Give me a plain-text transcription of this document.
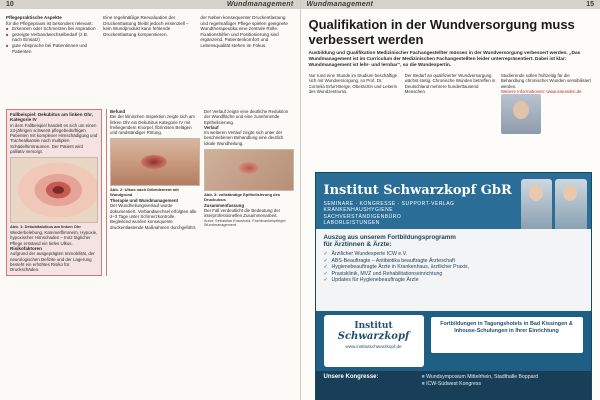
10	Wundmanagement
Pflegepraktische Aspekte
für die Pflegepraxis ist besonders relevant:
■ Erkennen oder Schmerzen bei Aspiration
■ gezeigte Verbandwechselbedarf (z.B. nach Einsatz)
■ gute Absprache bei Patientinnen und Patienten
Eine regelmäßige Reevaluation der Druckentlastung bleibt jedoch essenziell – kein Wundprodukt kann fehlende Druckentlastung kompensieren.
der Neben konsequenter Druckentlastung und regelmäßiger Pflege spielen geeignete Wundtherapeutika eine zentrale Rolle. Fixationshilfen und Positionierung sind ergänzend. Patientenkomfort und Lebensqualität stehen im Fokus.
Fallbeispiel: Dekubitus am linken Ohr, Kategorie IV
In dem Fallbeispiel handelt es sich um einen 23-jährigen schwerst pflegebedürftigen Patienten mit komplexer Hirnschädigung und Trachealkanüle nach multiplen Schädelhirntraumen. Der Patient wird palliativ versorgt.
Abb. 1: Dekubitalulkus am linken Ohr
Wiederbelebung, Kammerflimmern, Hypoxie, hypoxischer Hirnschaden – trotz täglicher Pflege entstand ein tiefes Ulkus.
Risikofaktoren
Aufgrund der ausgeprägten Immobilität, der neurologischen Defizite und der Lagerung besteht ein erhöhtes Risiko für Druckschäden.
Befund
Bei der klinischen Inspektion zeigte sich am linken Ohr ein Dekubitus Kategorie IV mit freiliegendem Knorpel, fibrinösen Belägen und randständiger Rötung.
Abb. 2: Ulkus nach Débridement mit Wundgrund
Therapie und Wundmanagement
Der Wundheilungsverlauf wurde dokumentiert. Verbandwechsel erfolgten alle 2–3 Tage unter Schmerzkontrolle.
Begleitend wurden konsequente druckentlastende Maßnahmen durchgeführt.
Der Verlauf zeigte eine deutliche Reduktion der Wundfläche und eine zunehmende Epithelisierung.
Verlauf
Im weiteren Verlauf zeigte sich unter der beschriebenen Behandlung eine deutlich lokale Wundheilung.
Abb. 3: vollständige Epithelisierung des Druckulcus
Zusammenfassung
Der Fall verdeutlicht die Bedeutung der interprofessionellen Zusammenarbeit.
Autor: Sebastian Kraushold, Fachkrankenpfleger Wundmanagement
Wundmanagement	15
Qualifikation in der Wundversorgung muss verbessert werden
Ausbildung und Qualifikation Medizinischer Fachangestellter müssen in der Wundversorgung verbessert werden. „Das Wundmanagement ist im Curriculum der Medizinischen Fachangestellten leider unterrepräsentiert. Dabei ist klar: Wundmanagement ist lehr- und lernbar“, so die Wundexpertin.
Nur rund eine Stunde im Studium beschäftige sich mit Wundversorgung, so Prof. Dr. Cornelia Erfurt-Berge, Oberärztin und Leiterin des Wundzentrums.
Der Bedarf an qualifizierter Wundversorgung wächst stetig. Chronische Wunden betreffen in Deutschland mehrere hunderttausend Menschen.
Studierende sollen frühzeitig für die Behandlung chronischer Wunden sensibilisiert werden.
Weitere Informationen: www.icwunden.de
Institut Schwarzkopf GbR
SEMINARE · KONGRESSE · SUPPORT-VERLAG
KRANKENHAUSHYGIENE
SACHVERSTÄNDIGENBÜRO
LABORLEISTUNGEN
Auszug aus unserem Fortbildungsprogramm
für Ärztinnen & Ärzte:
✓ Ärztlicher Wundexperte ICW e.V.
✓ ABS-Beauftragte – Antibiotika beauftragte Ärzteschaft
✓ Hygienebeauftragte Ärzte in Krankenhaus, ärztlicher Praxis,
✓ Praxisklinik, MVZ und Rehabilitationseinrichtung
✓ Updates für Hygienebeauftragte Ärzte
Institut
Schwarzkopf
www.institutschwarzkopf.de
Fortbildungen in Tagungshotels in Bad Kissingen & Inhouse-Schulungen in Ihrer Einrichtung
Unsere Kongresse:
■	Wundsymposium Mittelrhein, Stadthalle Boppard
■ ICW-Südwest Kongress
